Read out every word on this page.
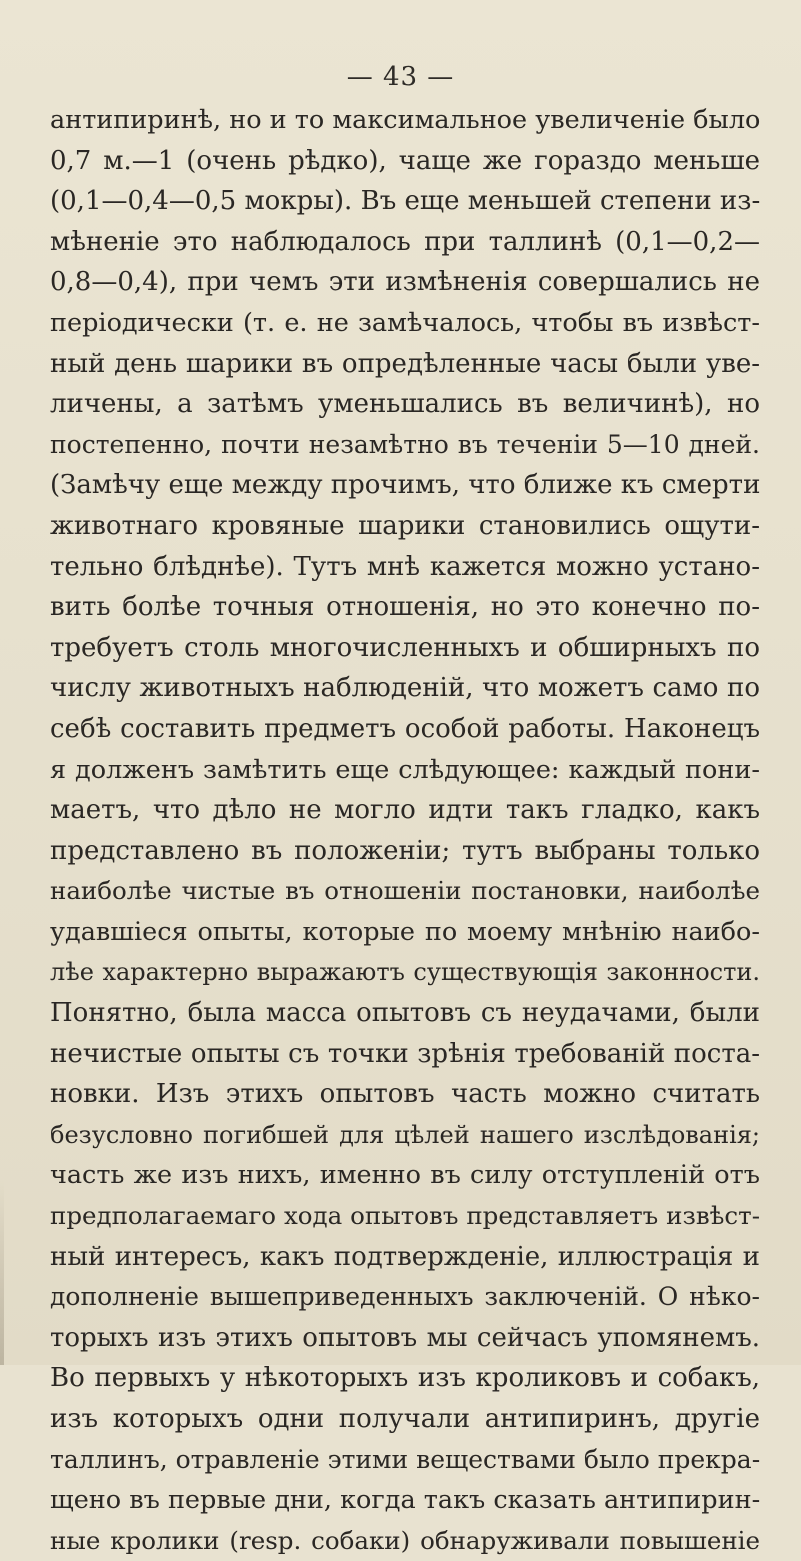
— 43 —
антипиринѣ, но и то максимальное увеличеніе было
0,7 м.—1 (очень рѣдко), чаще же гораздо меньше
(0,1—0,4—0,5 мокры). Въ еще меньшей степени из-
мѣненіе это наблюдалось при таллинѣ (0,1—0,2—
0,8—0,4), при чемъ эти измѣненія совершались не
періодически (т. е. не замѣчалось, чтобы въ извѣст-
ный день шарики въ опредѣленные часы были уве-
личены, а затѣмъ уменьшались въ величинѣ), но
постепенно, почти незамѣтно въ теченіи 5—10 дней.
(Замѣчу еще между прочимъ, что ближе къ смерти
животнаго кровяные шарики становились ощути-
тельно блѣднѣе). Тутъ мнѣ кажется можно устано-
вить болѣе точныя отношенія, но это конечно по-
требуетъ столь многочисленныхъ и обширныхъ по
числу животныхъ наблюденій, что можетъ само по
себѣ составить предметъ особой работы. Наконецъ
я долженъ замѣтить еще слѣдующее: каждый пони-
маетъ, что дѣло не могло идти такъ гладко, какъ
представлено въ положеніи; тутъ выбраны только
наиболѣе чистые въ отношеніи постановки, наиболѣе
удавшіеся опыты, которые по моему мнѣнію наибо-
лѣе характерно выражаютъ существующія законности.
Понятно, была масса опытовъ съ неудачами, были
нечистые опыты съ точки зрѣнія требованій поста-
новки. Изъ этихъ опытовъ часть можно считать
безусловно погибшей для цѣлей нашего изслѣдованія;
часть же изъ нихъ, именно въ силу отступленій отъ
предполагаемаго хода опытовъ представляетъ извѣст-
ный интересъ, какъ подтвержденіе, иллюстрація и
дополненіе вышеприведенныхъ заключеній. О нѣко-
торыхъ изъ этихъ опытовъ мы сейчасъ упомянемъ.
Во первыхъ у нѣкоторыхъ изъ кроликовъ и собакъ,
изъ которыхъ одни получали антипиринъ, другіе
таллинъ, отравленіе этими веществами было прекра-
щено въ первые дни, когда такъ сказать антипирин-
ные кролики (resp. собаки) обнаруживали повышеніе
